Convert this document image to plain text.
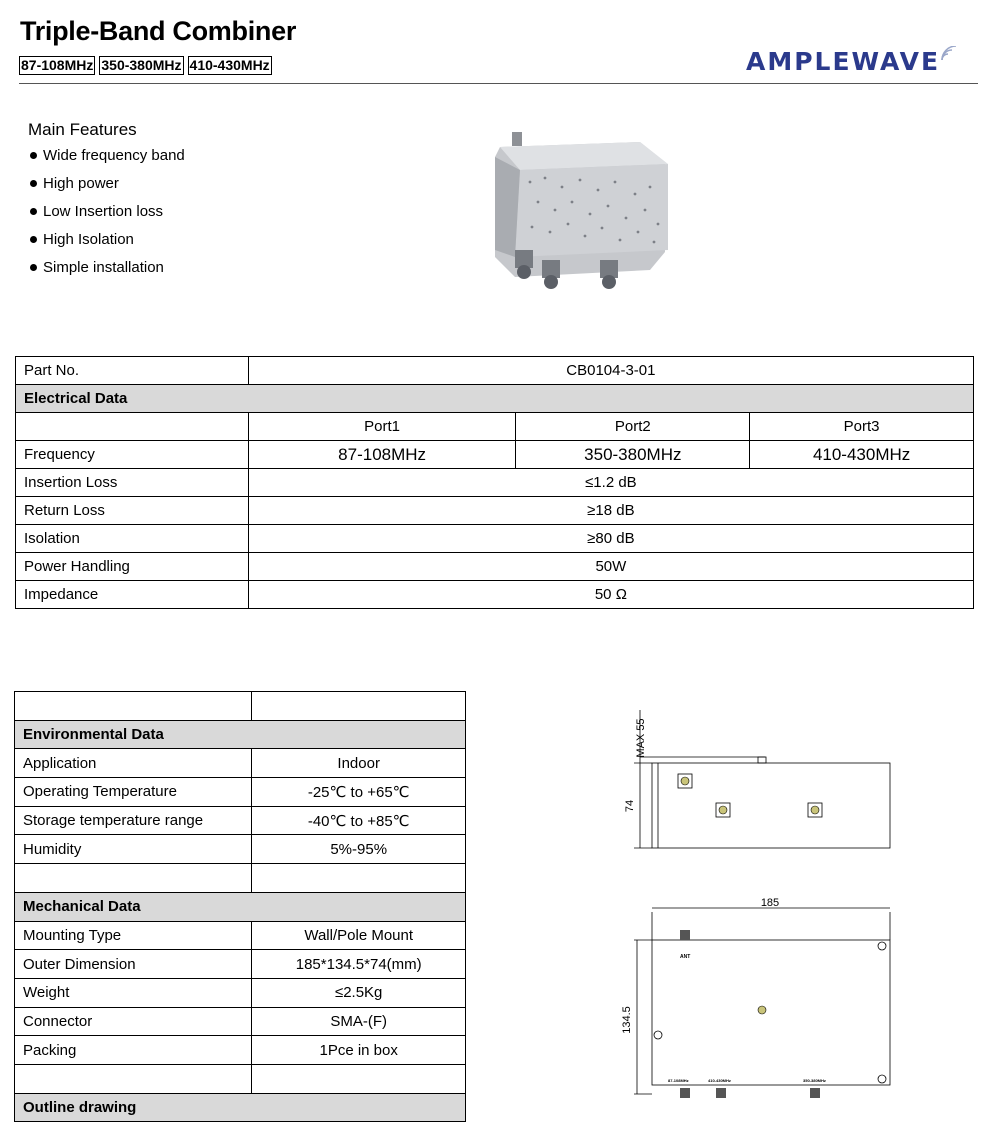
Triple-Band Combiner
87-108MHz 350-380MHz 410-430MHz	AMPLEWAVE
Main Features
Wide frequency band
High power
Low Insertion loss
High Isolation
Simple installation
Part No.	CB0104-3-01		
Electrical Data			
	Port1	Port2	Port3
Frequency	87-108MHz	350-380MHz	410-430MHz
Insertion Loss	≤1.2 dB		
Return Loss	≥18 dB		
Isolation	≥80 dB		
Power Handling	50W		
Impedance	50 Ω		

Environmental Data	
Application	Indoor
Operating Temperature	-25℃ to +65℃
Storage temperature range	-40℃ to +85℃
Humidity	5%-95%

Mechanical Data	
Mounting Type	Wall/Pole Mount
Outer Dimension	185*134.5*74(mm)
Weight	≤2.5Kg
Connector	SMA-(F)
Packing	1Pce in box

Outline drawing	
MAX 55
74
185
134.5
ANT
87-108MHz	410-430MHz	350-380MHz
